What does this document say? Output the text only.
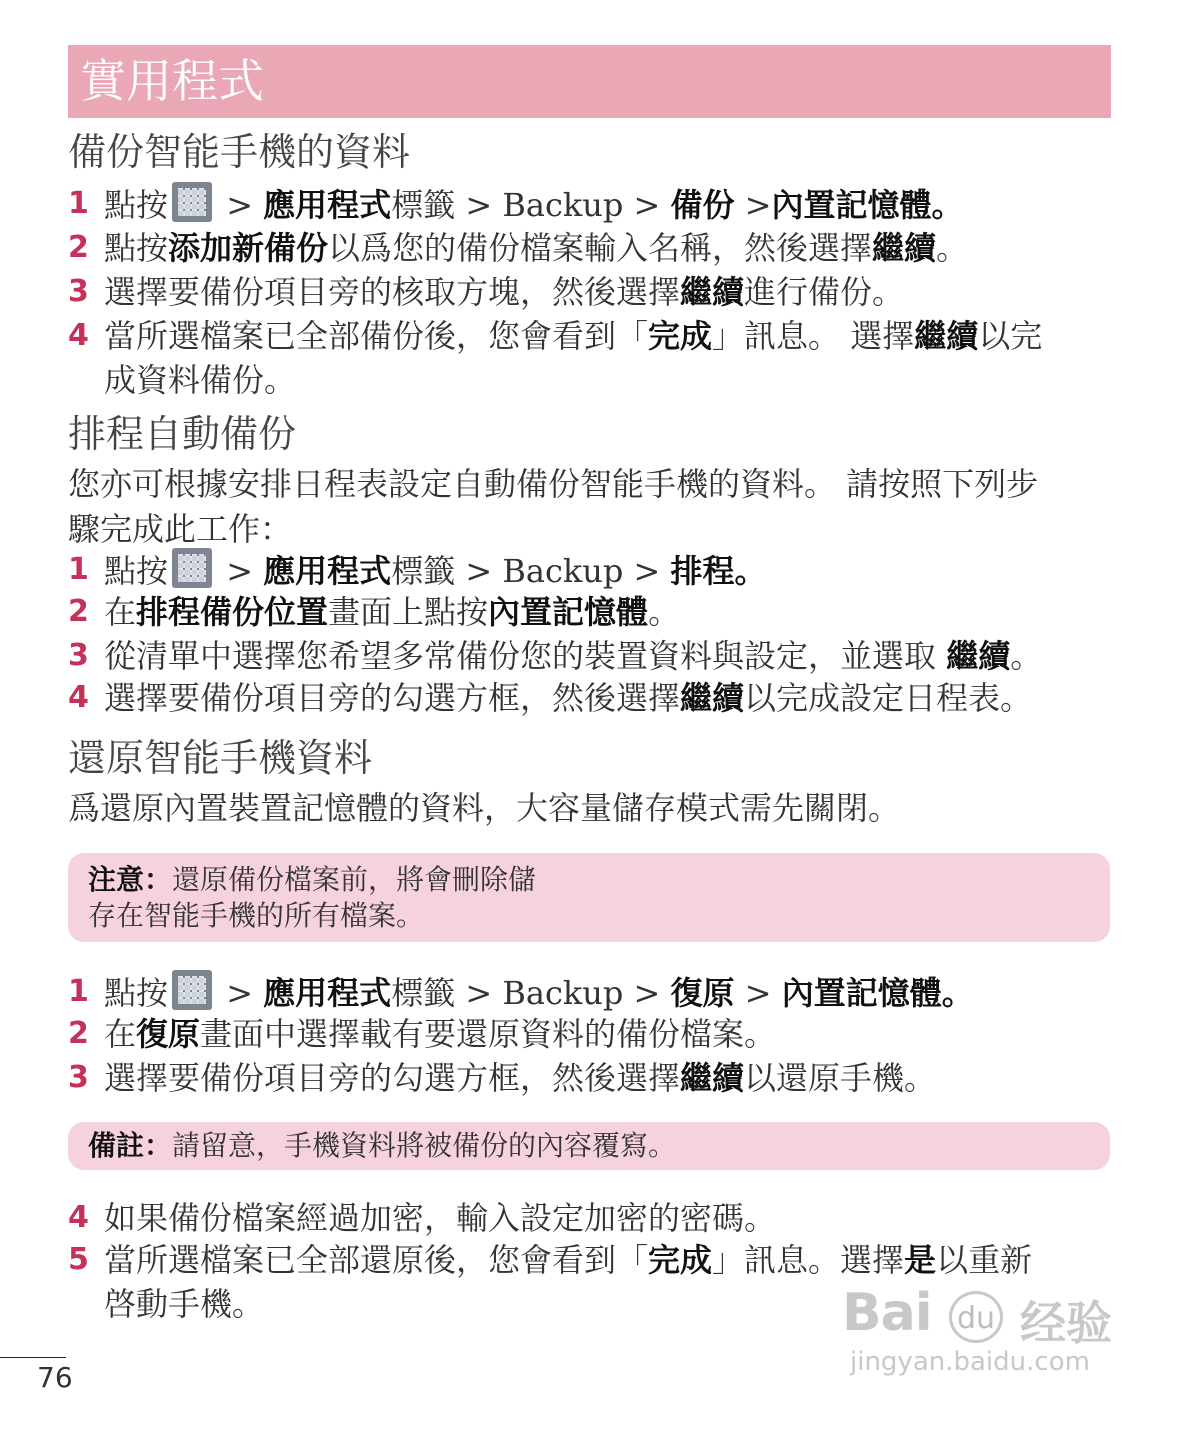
實用程式
備份智能手機的資料
1 點按 > 應用程式標籤 > Backup > 備份 >內置記憶體。
2 點按添加新備份以爲您的備份檔案輸入名稱，然後選擇繼續。
3 選擇要備份項目旁的核取方塊，然後選擇繼續進行備份。
4 當所選檔案已全部備份後，您會看到「完成」訊息。 選擇繼續以完
成資料備份。
排程自動備份
您亦可根據安排日程表設定自動備份智能手機的資料。 請按照下列步
驟完成此工作：
1 點按 > 應用程式標籤 > Backup > 排程。
2 在排程備份位置畫面上點按內置記憶體。
3 從清單中選擇您希望多常備份您的裝置資料與設定，並選取 繼續。
4 選擇要備份項目旁的勾選方框，然後選擇繼續以完成設定日程表。
還原智能手機資料
爲還原內置裝置記憶體的資料，大容量儲存模式需先關閉。
注意：還原備份檔案前，將會刪除儲
存在智能手機的所有檔案。
1 點按 > 應用程式標籤 > Backup > 復原 > 內置記憶體。
2 在復原畫面中選擇載有要還原資料的備份檔案。
3 選擇要備份項目旁的勾選方框，然後選擇繼續以還原手機。
備註：請留意，手機資料將被備份的內容覆寫。
4 如果備份檔案經過加密，輸入設定加密的密碼。
5 當所選檔案已全部還原後，您會看到「完成」訊息。選擇是以重新
啓動手機。
76
Bai du 经验
jingyan.baidu.com
